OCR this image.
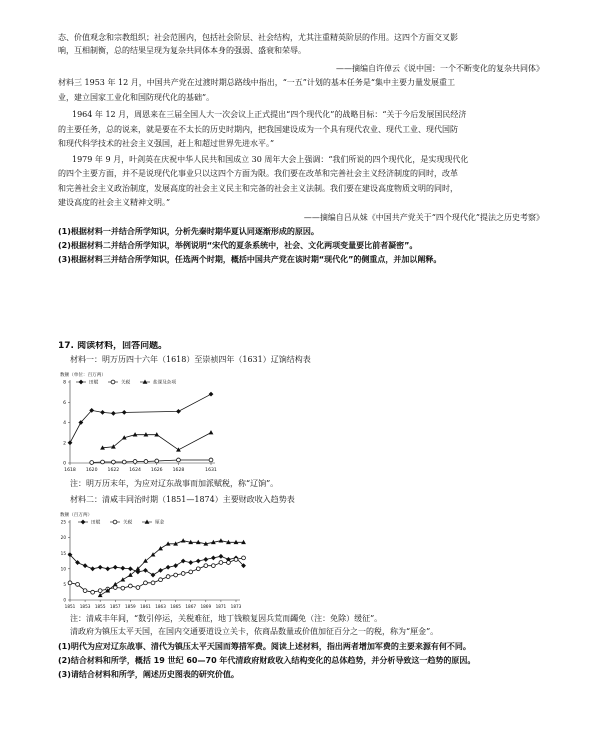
态、价值观念和宗教组织；社会范围内，包括社会阶层、社会结构，尤其注重精英阶层的作用。这四个方面交叉影
响，互相制衡，总的结果呈现为复杂共同体本身的强弱、盛衰和荣辱。
——摘编自许倬云《说中国：一个不断变化的复杂共同体》
材料三 1953 年 12 月，中国共产党在过渡时期总路线中指出，“一五”计划的基本任务是“集中主要力量发展重工
业，建立国家工业化和国防现代化的基础”。
1964 年 12 月，周恩来在三届全国人大一次会议上正式提出“四个现代化”的战略目标：“关于今后发展国民经济
的主要任务，总的说来，就是要在不太长的历史时期内，把我国建设成为一个具有现代农业、现代工业、现代国防
和现代科学技术的社会主义强国，赶上和超过世界先进水平。”
1979 年 9 月，叶剑英在庆祝中华人民共和国成立 30 周年大会上强调：“我们所说的四个现代化，是实现现代化
的四个主要方面，并不是说现代化事业只以这四个方面为限。我们要在改革和完善社会主义经济制度的同时，改革
和完善社会主义政治制度，发展高度的社会主义民主和完备的社会主义法制。我们要在建设高度物质文明的同时，
建设高度的社会主义精神文明。”
——摘编自吕从妹《中国共产党关于“四个现代化”提法之历史考察》
(1)根据材料一并结合所学知识，分析先秦时期华夏认同逐渐形成的原因。
(2)根据材料二并结合所学知识，举例说明“宋代的夏条系统中，社会、文化两项变量要比前者凝密”。
(3)根据材料三并结合所学知识，任选两个时期，概括中国共产党在该时期“现代化”的侧重点，并加以阐释。
17. 阅读材料，回答问题。
材料一：明万历四十六年（1618）至崇祯四年（1631）辽饷结构表
数额（单位：百万两）
0
2
4
6
8
1618 1620 1622 1624 1626 1628	1631
田赋	关税	盐课及杂项
注：明万历末年，为应对辽东战事而加派赋税，称“辽饷”。
材料二：清咸丰同治时期（1851—1874）主要财政收入趋势表
数额（百万两）
0
5
10
15
20
25
1851 1853 1855 1857 1859 1861 1863 1865 1867 1869 1871 1873
田赋	关税	厘金
注：清咸丰年间，“数引停运，关税难征，地丁钱粮复因兵荒而蠲免（注：免除）缓征”。
清政府为镇压太平天国，在国内交通要道设立关卡，依商品数量或价值加征百分之一的税，称为“厘金”。
(1)明代为应对辽东战事、清代为镇压太平天国而筹措军费。阅读上述材料，指出两者增加军费的主要来源有何不同。
(2)结合材料和所学，概括 19 世纪 60—70 年代清政府财政收入结构变化的总体趋势，并分析导致这一趋势的原因。
(3)请结合材料和所学，阐述历史图表的研究价值。
